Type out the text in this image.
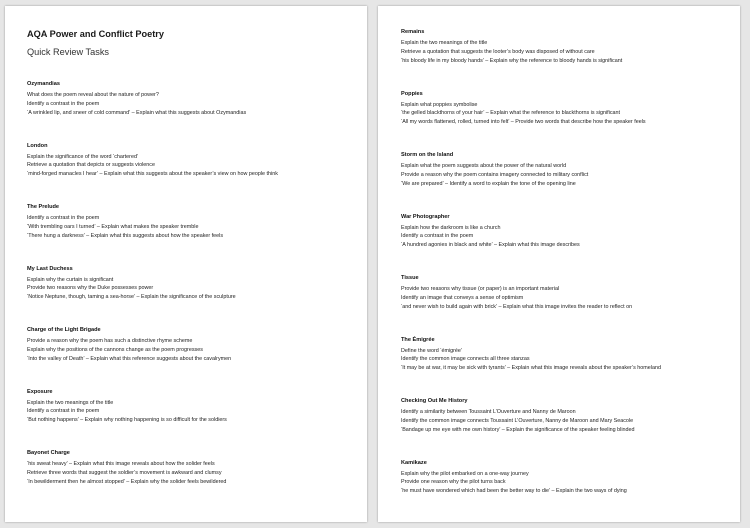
AQA Power and Conflict Poetry
Quick Review Tasks
Ozymandias
What does the poem reveal about the nature of power?
Identify a contrast in the poem
‘A wrinkled lip, and sneer of cold command’ – Explain what this suggests about Ozymandias
London
Explain the significance of the word ‘chartered’
Retrieve a quotation that depicts or suggests violence
‘mind-forged manacles I hear’ – Explain what this suggests about the speaker’s view on how people think
The Prelude
Identify a contrast in the poem
‘With trembling oars I turned’ – Explain what makes the speaker tremble
‘There hung a darkness’ – Explain what this suggests about how the speaker feels
My Last Duchess
Explain why the curtain is significant
Provide two reasons why the Duke possesses power
‘Notice Neptune, though, taming a sea-horse’ – Explain the significance of the sculpture
Charge of the Light Brigade
Provide a reason why the poem has such a distinctive rhyme scheme
Explain why the positions of the cannons change as the poem progresses
‘Into the valley of Death’ – Explain what this reference suggests about the cavalrymen
Exposure
Explain the two meanings of the title
Identify a contrast in the poem
‘But nothing happens’ – Explain why nothing happening is so difficult for the soldiers
Bayonet Charge
‘his sweat heavy’ – Explain what this image reveals about how the solider feels
Retrieve three words that suggest the soldier’s movement is awkward and clumsy
‘In bewilderment then he almost stopped’ – Explain why the solider feels bewildered
Remains
Explain the two meanings of the title
Retrieve a quotation that suggests the looter’s body was disposed of without care
‘his bloody life in my bloody hands’ – Explain why the reference to bloody hands is significant
Poppies
Explain what poppies symbolise
‘the gelled blackthorns of your hair’ – Explain what the reference to blackthorns is significant
‘All my words flattened, rolled, turned into felt’ – Provide two words that describe how the speaker feels
Storm on the Island
Explain what the poem suggests about the power of the natural world
Provide a reason why the poem contains imagery connected to military conflict
‘We are prepared’ – Identify a word to explain the tone of the opening line
War Photographer
Explain how the darkroom is like a church
Identify a contrast in the poem
‘A hundred agonies in black and white’ – Explain what this image describes
Tissue
Provide two reasons why tissue (or paper) is an important material
Identify an image that conveys a sense of optimism
‘and never wish to build again with brick’ – Explain what this image invites the reader to reflect on
The Émigrée
Define the word ‘émigrée’
Identify the common image connects all three stanzas
‘It may be at war, it may be sick with tyrants’ – Explain what this image reveals about the speaker’s homeland
Checking Out Me History
Identify a similarity between Toussaint L’Ouverture and Nanny de Maroon
Identify the common image connects Toussaint L’Ouverture, Nanny de Maroon and Mary Seacole
‘Bandage up me eye with me own history’ – Explain the significance of the speaker feeling blinded
Kamikaze
Explain why the pilot embarked on a one-way journey
Provide one reason why the pilot turns back
‘he must have wondered which had been the better way to die’ – Explain the two ways of dying
